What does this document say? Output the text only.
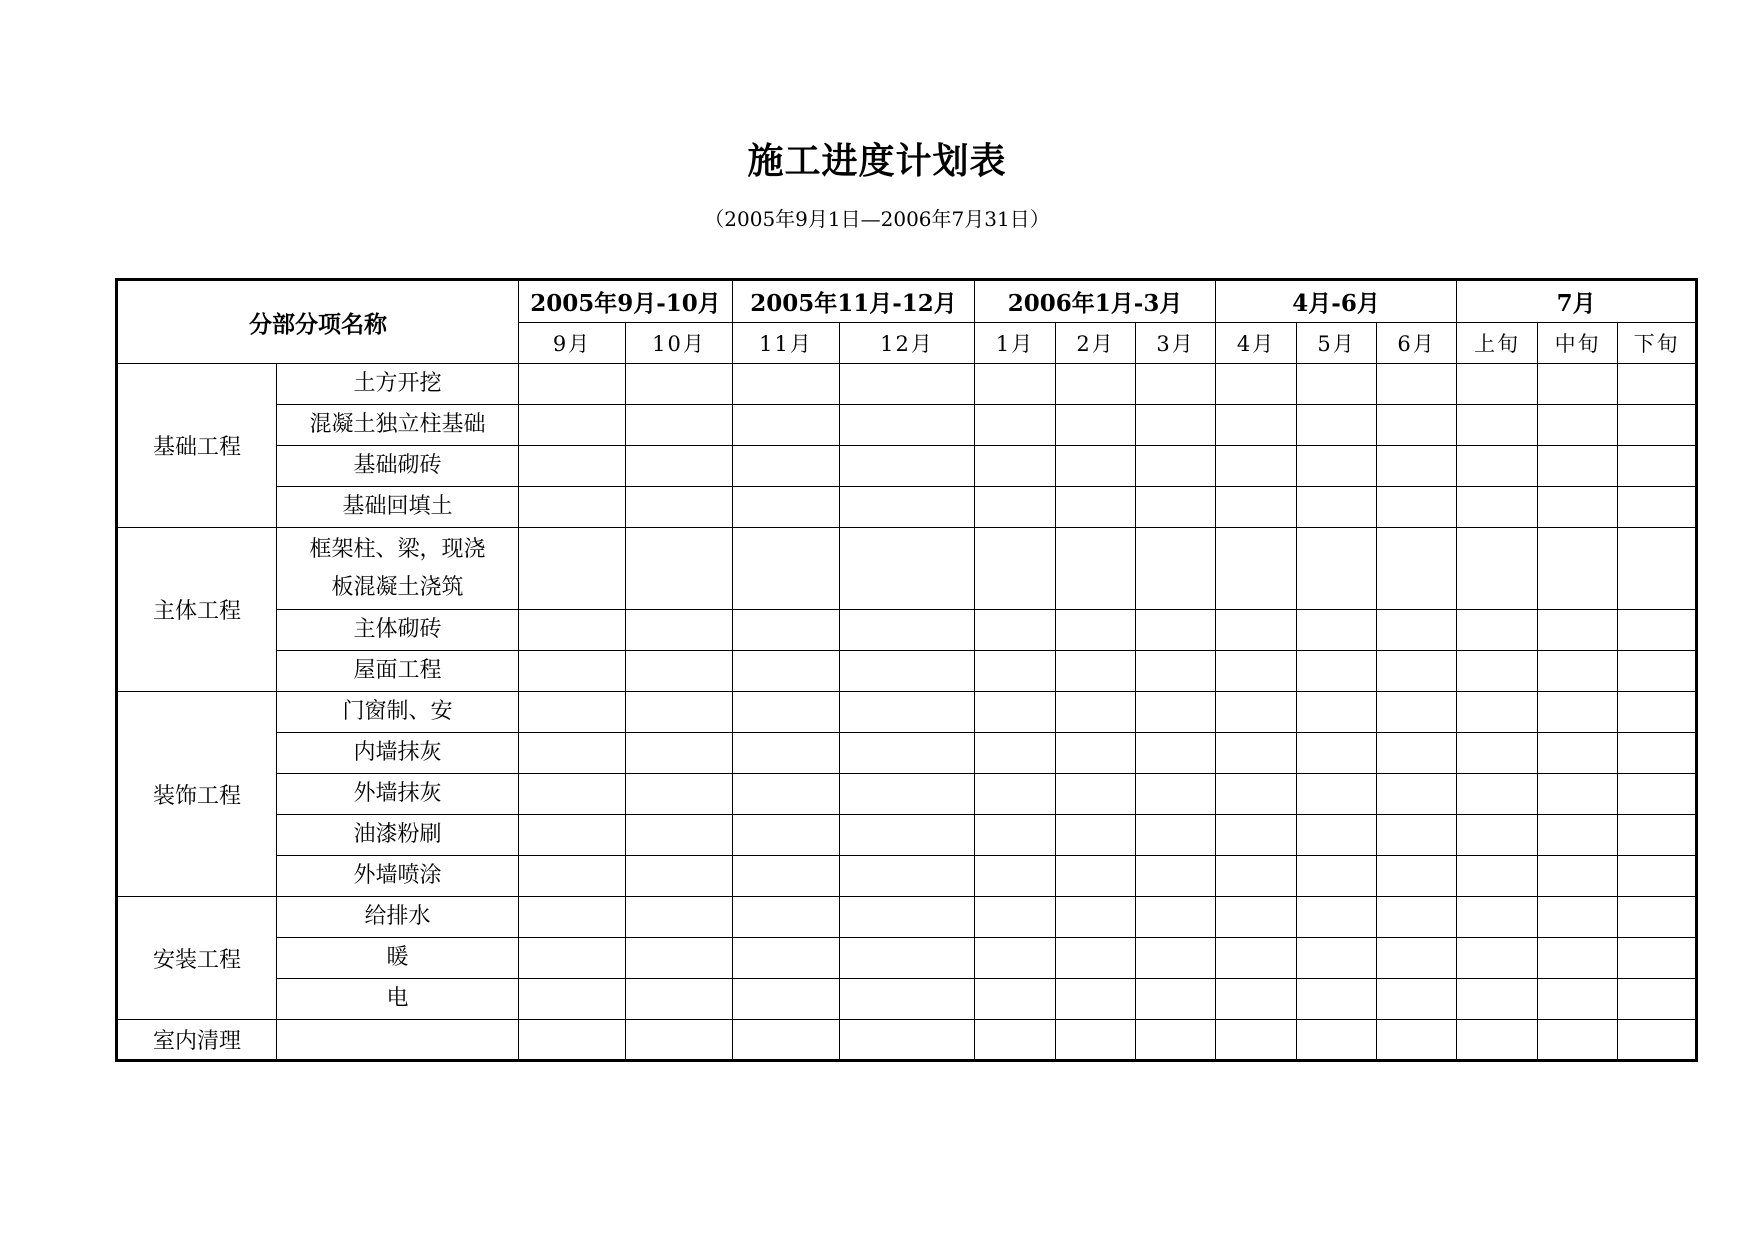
施工进度计划表
（2005年9月1日—2006年7月31日）
分部分项名称		2005年9月-10月		2005年11月-12月		2006年1月-3月			4月-6月			7月		
		9月	10月	11月	12月	1月	2月	3月	4月	5月	6月	上旬	中旬	下旬
基础工程	土方开挖													
	混凝土独立柱基础													
	基础砌砖													
	基础回填土													
主体工程	框架柱、梁，现浇板混凝土浇筑													
	主体砌砖													
	屋面工程													
装饰工程	门窗制、安													
	内墙抹灰													
	外墙抹灰													
	油漆粉刷													
	外墙喷涂													
安装工程	给排水													
	暖													
	电													
室内清理														
